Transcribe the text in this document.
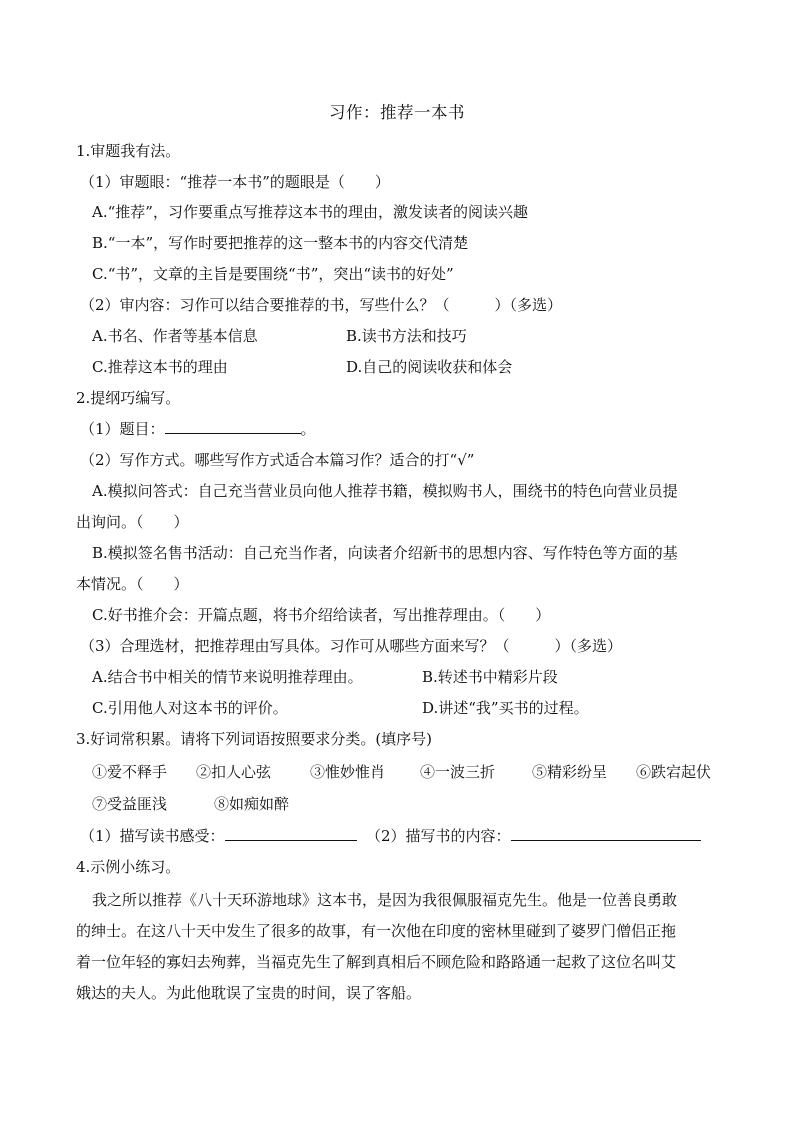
习作：推荐一本书
1.审题我有法。
（1）审题眼：“推荐一本书”的题眼是（　　）
A.“推荐”，习作要重点写推荐这本书的理由，激发读者的阅读兴趣
B.“一本”，写作时要把推荐的这一整本书的内容交代清楚
C.“书”，文章的主旨是要围绕“书”，突出“读书的好处”
（2）审内容：习作可以结合要推荐的书，写些什么？（　　　）（多选）
A.书名、作者等基本信息	B.读书方法和技巧
C.推荐这本书的理由	D.自己的阅读收获和体会
2.提纲巧编写。
（1）题目：	。
（2）写作方式。哪些写作方式适合本篇习作？适合的打“√”
A.模拟问答式：自己充当营业员向他人推荐书籍，模拟购书人，围绕书的特色向营业员提
出询问。（　　）
B.模拟签名售书活动：自己充当作者，向读者介绍新书的思想内容、写作特色等方面的基
本情况。（　　）
C.好书推介会：开篇点题，将书介绍给读者，写出推荐理由。（　　）
（3）合理选材，把推荐理由写具体。习作可从哪些方面来写？（　　　）（多选）
A.结合书中相关的情节来说明推荐理由。	B.转述书中精彩片段
C.引用他人对这本书的评价。	D.讲述“我”买书的过程。
3.好词常积累。请将下列词语按照要求分类。(填序号)
①爱不释手 ②扣人心弦	③惟妙惟肖 ④一波三折 ⑤精彩纷呈 ⑥跌宕起伏
⑦受益匪浅	⑧如痴如醉
（1）描写读书感受：	（2）描写书的内容：
4.示例小练习。
我之所以推荐《八十天环游地球》这本书，是因为我很佩服福克先生。他是一位善良勇敢
的绅士。在这八十天中发生了很多的故事，有一次他在印度的密林里碰到了婆罗门僧侣正拖
着一位年轻的寡妇去殉葬，当福克先生了解到真相后不顾危险和路路通一起救了这位名叫艾
娥达的夫人。为此他耽误了宝贵的时间，误了客船。
